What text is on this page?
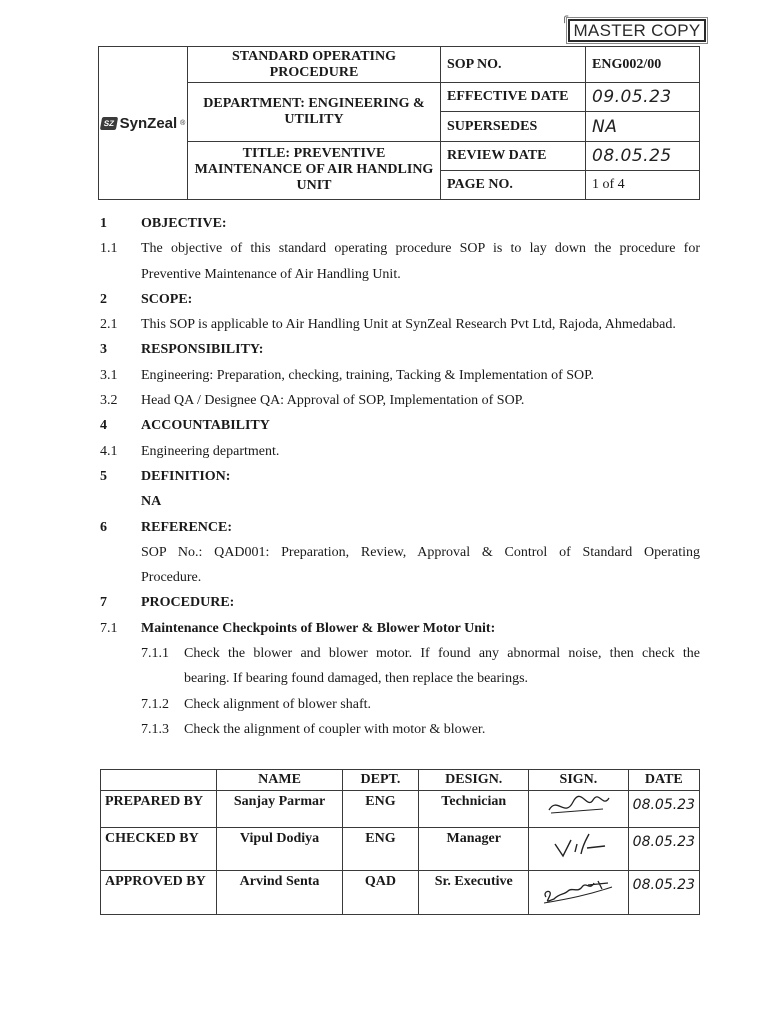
╭
MASTER COPY
SZ SynZeal ®	STANDARD OPERATING PROCEDURE	SOP NO.	ENG002/00
	DEPARTMENT: ENGINEERING & UTILITY	EFFECTIVE DATE	09.05.23
		SUPERSEDES	NA
	TITLE: PREVENTIVE MAINTENANCE OF AIR HANDLING UNIT	REVIEW DATE	08.05.25
		PAGE NO.	1 of 4
1	OBJECTIVE:
1.1	The objective of this standard operating procedure SOP is to lay down the procedure for
Preventive Maintenance of Air Handling Unit.
2	SCOPE:
2.1	This SOP is applicable to Air Handling Unit at SynZeal Research Pvt Ltd, Rajoda, Ahmedabad.
3	RESPONSIBILITY:
3.1	Engineering: Preparation, checking, training, Tacking & Implementation of SOP.
3.2	Head QA / Designee QA: Approval of SOP, Implementation of SOP.
4	ACCOUNTABILITY
4.1	Engineering department.
5	DEFINITION:
NA
6	REFERENCE:
SOP No.: QAD001: Preparation, Review, Approval & Control of Standard Operating
Procedure.
7	PROCEDURE:
7.1	Maintenance Checkpoints of Blower & Blower Motor Unit:
7.1.1	Check the blower and blower motor. If found any abnormal noise, then check the
bearing. If bearing found damaged, then replace the bearings.
7.1.2	Check alignment of blower shaft.
7.1.3	Check the alignment of coupler with motor & blower.
	NAME	DEPT.	DESIGN.	SIGN.	DATE
PREPARED BY	Sanjay Parmar	ENG	Technician		08.05.23
CHECKED BY	Vipul Dodiya	ENG	Manager		08.05.23
APPROVED BY	Arvind Senta	QAD	Sr. Executive		08.05.23
